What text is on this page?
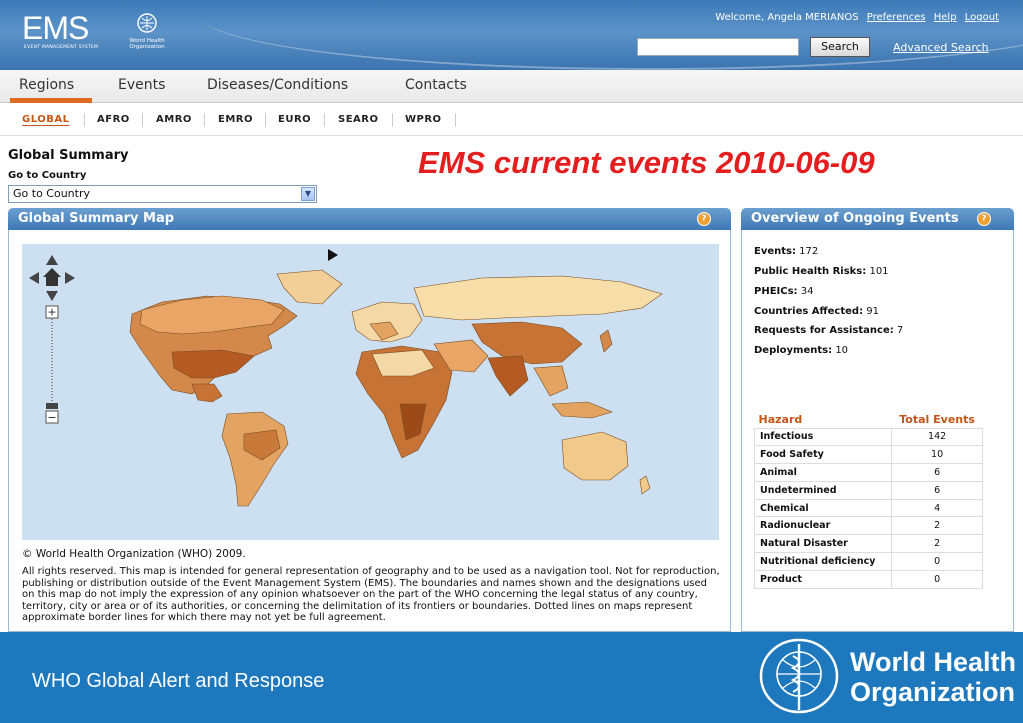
EMS
EVENT MANAGEMENT SYSTEM
World Health Organization
Welcome, Angela MERIANOS Preferences Help Logout
Search	Advanced Search
Regions	Events	Diseases/Conditions	Contacts
GLOBAL	AFRO	AMRO	EMRO	EURO	SEARO	WPRO
Global Summary
Go to Country
Go to Country	▼
EMS current events 2010-06-09
Global Summary Map	?
+
−
© World Health Organization (WHO) 2009.
All rights reserved. This map is intended for general representation of geography and to be used as a navigation tool. Not for reproduction, publishing or distribution outside of the Event Management System (EMS). The boundaries and names shown and the designations used on this map do not imply the expression of any opinion whatsoever on the part of the WHO concerning the legal status of any country, territory, city or area or of its authorities, or concerning the delimitation of its frontiers or boundaries. Dotted lines on maps represent approximate border lines for which there may not yet be full agreement.
Overview of Ongoing Events	?
Events: 172
Public Health Risks: 101
PHEICs: 34
Countries Affected: 91
Requests for Assistance: 7
Deployments: 10
Hazard	Total Events
Infectious	142
Food Safety	10
Animal	6
Undetermined	6
Chemical	4
Radionuclear	2
Natural Disaster	2
Nutritional deficiency	0
Product	0
WHO Global Alert and Response
World Health
Organization
